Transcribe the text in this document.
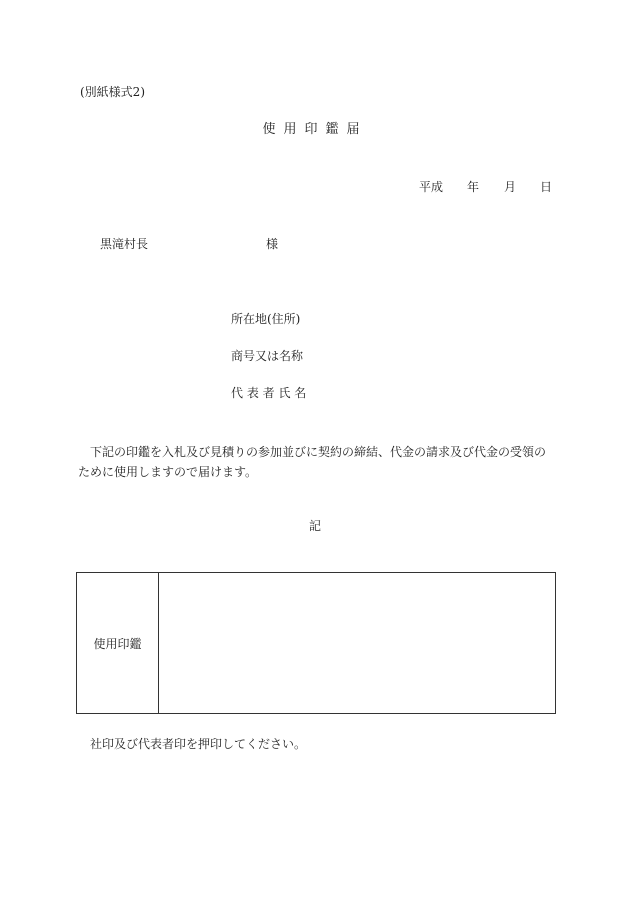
(別紙様式2)
使用印鑑届
平成 年 月 日
黒滝村長	様
所在地(住所)
商号又は名称
代 表 者 氏 名
下記の印鑑を入札及び見積りの参加並びに契約の締結、代金の請求及び代金の受領のために使用しますので届けます。
記
使用印鑑
社印及び代表者印を押印してください。
